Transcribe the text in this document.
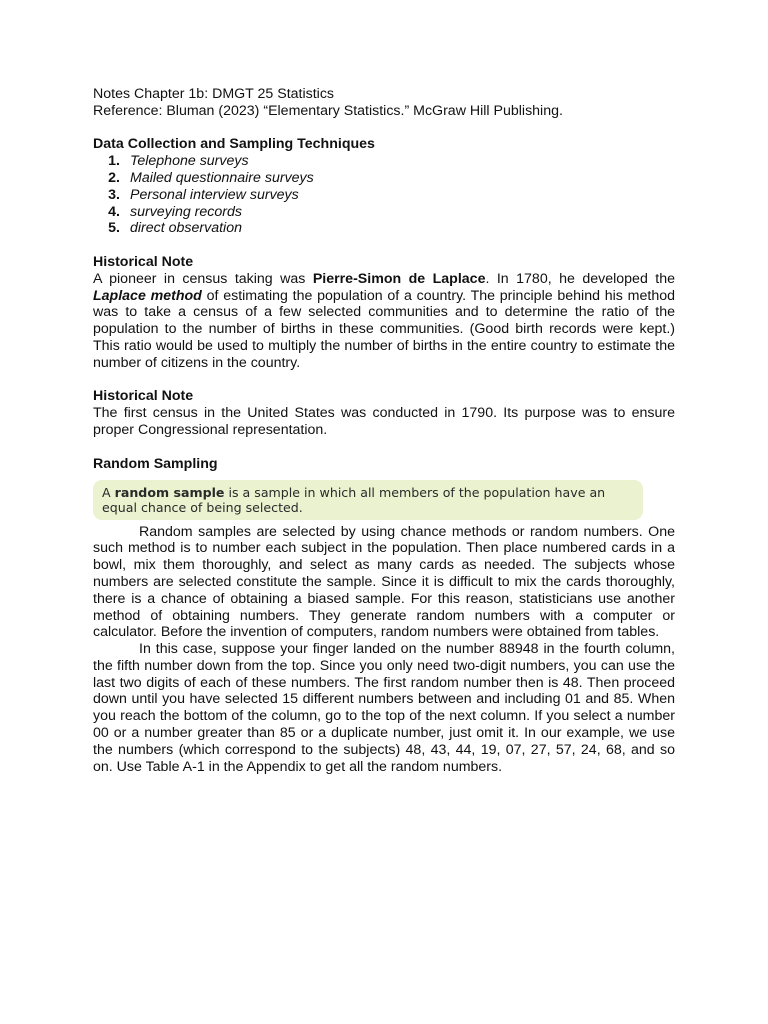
Notes Chapter 1b: DMGT 25 Statistics
Reference: Bluman (2023) “Elementary Statistics.” McGraw Hill Publishing.
Data Collection and Sampling Techniques
1. Telephone surveys
2. Mailed questionnaire surveys
3. Personal interview surveys
4. surveying records
5. direct observation
Historical Note

A pioneer in census taking was Pierre-Simon de Laplace. In 1780, he developed the Laplace method of estimating the population of a country. The principle behind his method was to take a census of a few selected communities and to determine the ratio of the population to the number of births in these communities. (Good birth records were kept.) This ratio would be used to multiply the number of births in the entire country to estimate the number of citizens in the country.

Historical Note

The first census in the United States was conducted in 1790. Its purpose was to ensure proper Congressional representation.

Random Sampling
A random sample is a sample in which all members of the population have an equal chance of being selected.

Random samples are selected by using chance methods or random numbers. One such method is to number each subject in the population. Then place numbered cards in a bowl, mix them thoroughly, and select as many cards as needed. The subjects whose numbers are selected constitute the sample. Since it is difficult to mix the cards thoroughly, there is a chance of obtaining a biased sample. For this reason, statisticians use another method of obtaining numbers. They generate random numbers with a computer or calculator. Before the invention of computers, random numbers were obtained from tables.

In this case, suppose your finger landed on the number 88948 in the fourth column, the fifth number down from the top. Since you only need two-digit numbers, you can use the last two digits of each of these numbers. The first random number then is 48. Then proceed down until you have selected 15 different numbers between and including 01 and 85. When you reach the bottom of the column, go to the top of the next column. If you select a number 00 or a number greater than 85 or a duplicate number, just omit it. In our example, we use the numbers (which correspond to the subjects) 48, 43, 44, 19, 07, 27, 57, 24, 68, and so on. Use Table A‑1 in the Appendix to get all the random numbers.
